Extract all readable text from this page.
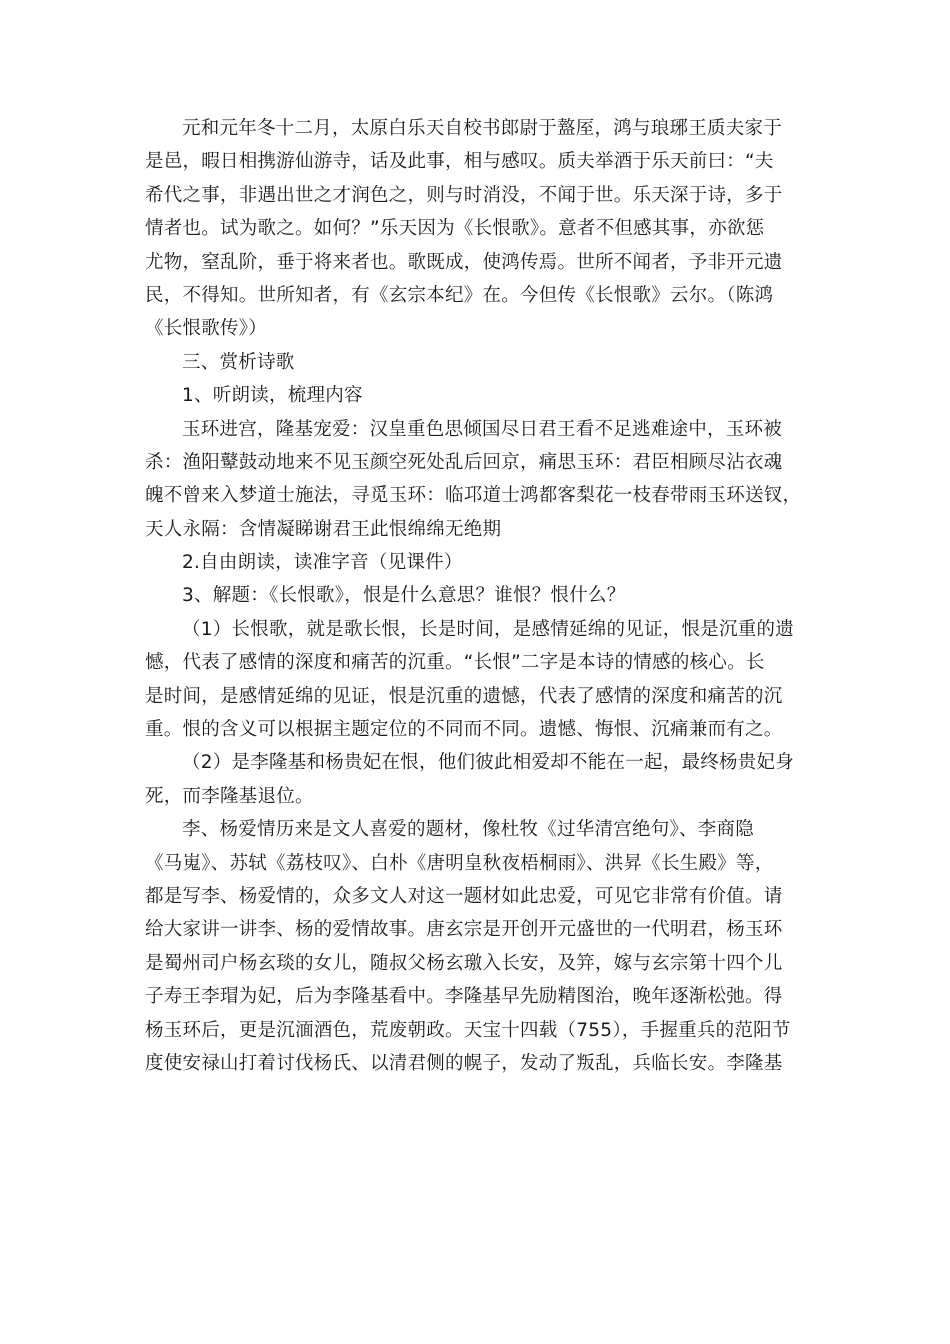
元和元年冬十二月，太原白乐天自校书郎尉于盩厔，鸿与琅琊王质夫家于
是邑，暇日相携游仙游寺，话及此事，相与感叹。质夫举酒于乐天前曰：“夫
希代之事，非遇出世之才润色之，则与时消没，不闻于世。乐天深于诗，多于
情者也。试为歌之。如何？”乐天因为《长恨歌》。意者不但感其事，亦欲惩
尤物，窒乱阶，垂于将来者也。歌既成，使鸿传焉。世所不闻者，予非开元遗
民，不得知。世所知者，有《玄宗本纪》在。今但传《长恨歌》云尔。（陈鸿
《长恨歌传》）
三、赏析诗歌
1、听朗读，梳理内容
玉环进宫，隆基宠爱：汉皇重色思倾国尽日君王看不足逃难途中，玉环被
杀：渔阳鼙鼓动地来不见玉颜空死处乱后回京，痛思玉环：君臣相顾尽沾衣魂
魄不曾来入梦道士施法，寻觅玉环：临邛道士鸿都客梨花一枝春带雨玉环送钗，
天人永隔：含情凝睇谢君王此恨绵绵无绝期
2.自由朗读，读准字音（见课件）
3、解题：《长恨歌》，恨是什么意思？谁恨？恨什么？
（1）长恨歌，就是歌长恨，长是时间，是感情延绵的见证，恨是沉重的遗
憾，代表了感情的深度和痛苦的沉重。“长恨”二字是本诗的情感的核心。长
是时间，是感情延绵的见证，恨是沉重的遗憾，代表了感情的深度和痛苦的沉
重。恨的含义可以根据主题定位的不同而不同。遗憾、悔恨、沉痛兼而有之。
（2）是李隆基和杨贵妃在恨，他们彼此相爱却不能在一起，最终杨贵妃身
死，而李隆基退位。
李、杨爱情历来是文人喜爱的题材，像杜牧《过华清宫绝句》、李商隐
《马嵬》、苏轼《荔枝叹》、白朴《唐明皇秋夜梧桐雨》、洪昇《长生殿》等，
都是写李、杨爱情的，众多文人对这一题材如此忠爱，可见它非常有价值。请
给大家讲一讲李、杨的爱情故事。唐玄宗是开创开元盛世的一代明君，杨玉环
是蜀州司户杨玄琰的女儿，随叔父杨玄璬入长安，及笄，嫁与玄宗第十四个儿
子寿王李瑁为妃，后为李隆基看中。李隆基早先励精图治，晚年逐渐松弛。得
杨玉环后，更是沉湎酒色，荒废朝政。天宝十四载（755），手握重兵的范阳节
度使安禄山打着讨伐杨氏、以清君侧的幌子，发动了叛乱，兵临长安。李隆基
